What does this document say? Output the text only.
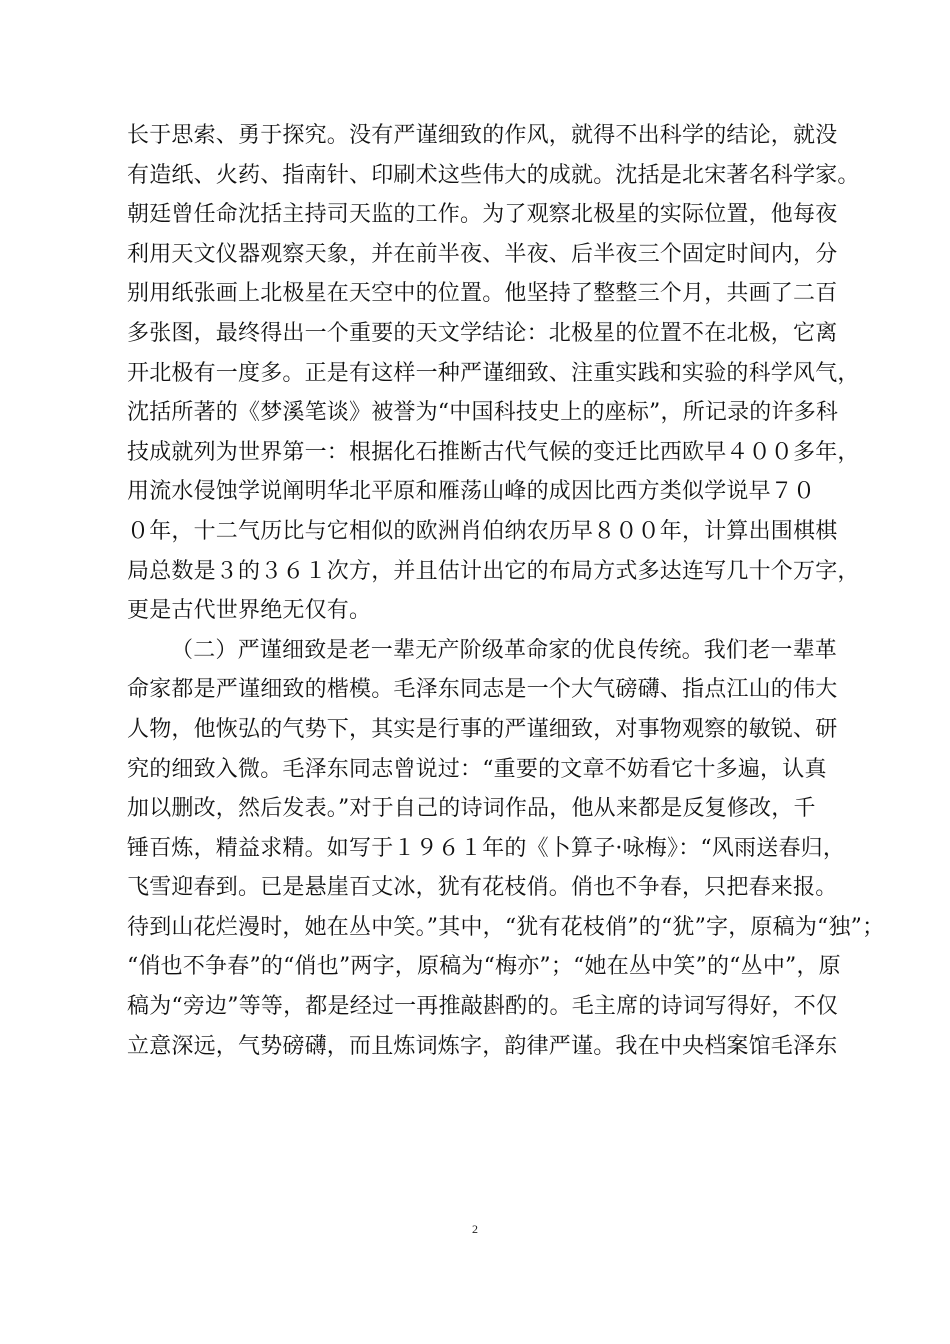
长于思索、勇于探究。没有严谨细致的作风，就得不出科学的结论，就没
有造纸、火药、指南针、印刷术这些伟大的成就。沈括是北宋著名科学家。
朝廷曾任命沈括主持司天监的工作。为了观察北极星的实际位置，他每夜
利用天文仪器观察天象，并在前半夜、半夜、后半夜三个固定时间内，分
别用纸张画上北极星在天空中的位置。他坚持了整整三个月，共画了二百
多张图，最终得出一个重要的天文学结论：北极星的位置不在北极，它离
开北极有一度多。正是有这样一种严谨细致、注重实践和实验的科学风气，
沈括所著的《梦溪笔谈》被誉为“中国科技史上的座标”，所记录的许多科
技成就列为世界第一：根据化石推断古代气候的变迁比西欧早４００多年，
用流水侵蚀学说阐明华北平原和雁荡山峰的成因比西方类似学说早７０
０年，十二气历比与它相似的欧洲肖伯纳农历早８００年，计算出围棋棋
局总数是３的３６１次方，并且估计出它的布局方式多达连写几十个万字，
更是古代世界绝无仅有。
（二）严谨细致是老一辈无产阶级革命家的优良传统。我们老一辈革
命家都是严谨细致的楷模。毛泽东同志是一个大气磅礴、指点江山的伟大
人物，他恢弘的气势下，其实是行事的严谨细致，对事物观察的敏锐、研
究的细致入微。毛泽东同志曾说过：“重要的文章不妨看它十多遍，认真
加以删改，然后发表。”对于自己的诗词作品，他从来都是反复修改，千
锤百炼，精益求精。如写于１９６１年的《卜算子·咏梅》：“风雨送春归，
飞雪迎春到。已是悬崖百丈冰，犹有花枝俏。俏也不争春，只把春来报。
待到山花烂漫时，她在丛中笑。”其中，“犹有花枝俏”的“犹”字，原稿为“独”；
“俏也不争春”的“俏也”两字，原稿为“梅亦”；“她在丛中笑”的“丛中”，原
稿为“旁边”等等，都是经过一再推敲斟酌的。毛主席的诗词写得好，不仅
立意深远，气势磅礴，而且炼词炼字，韵律严谨。我在中央档案馆毛泽东
2
